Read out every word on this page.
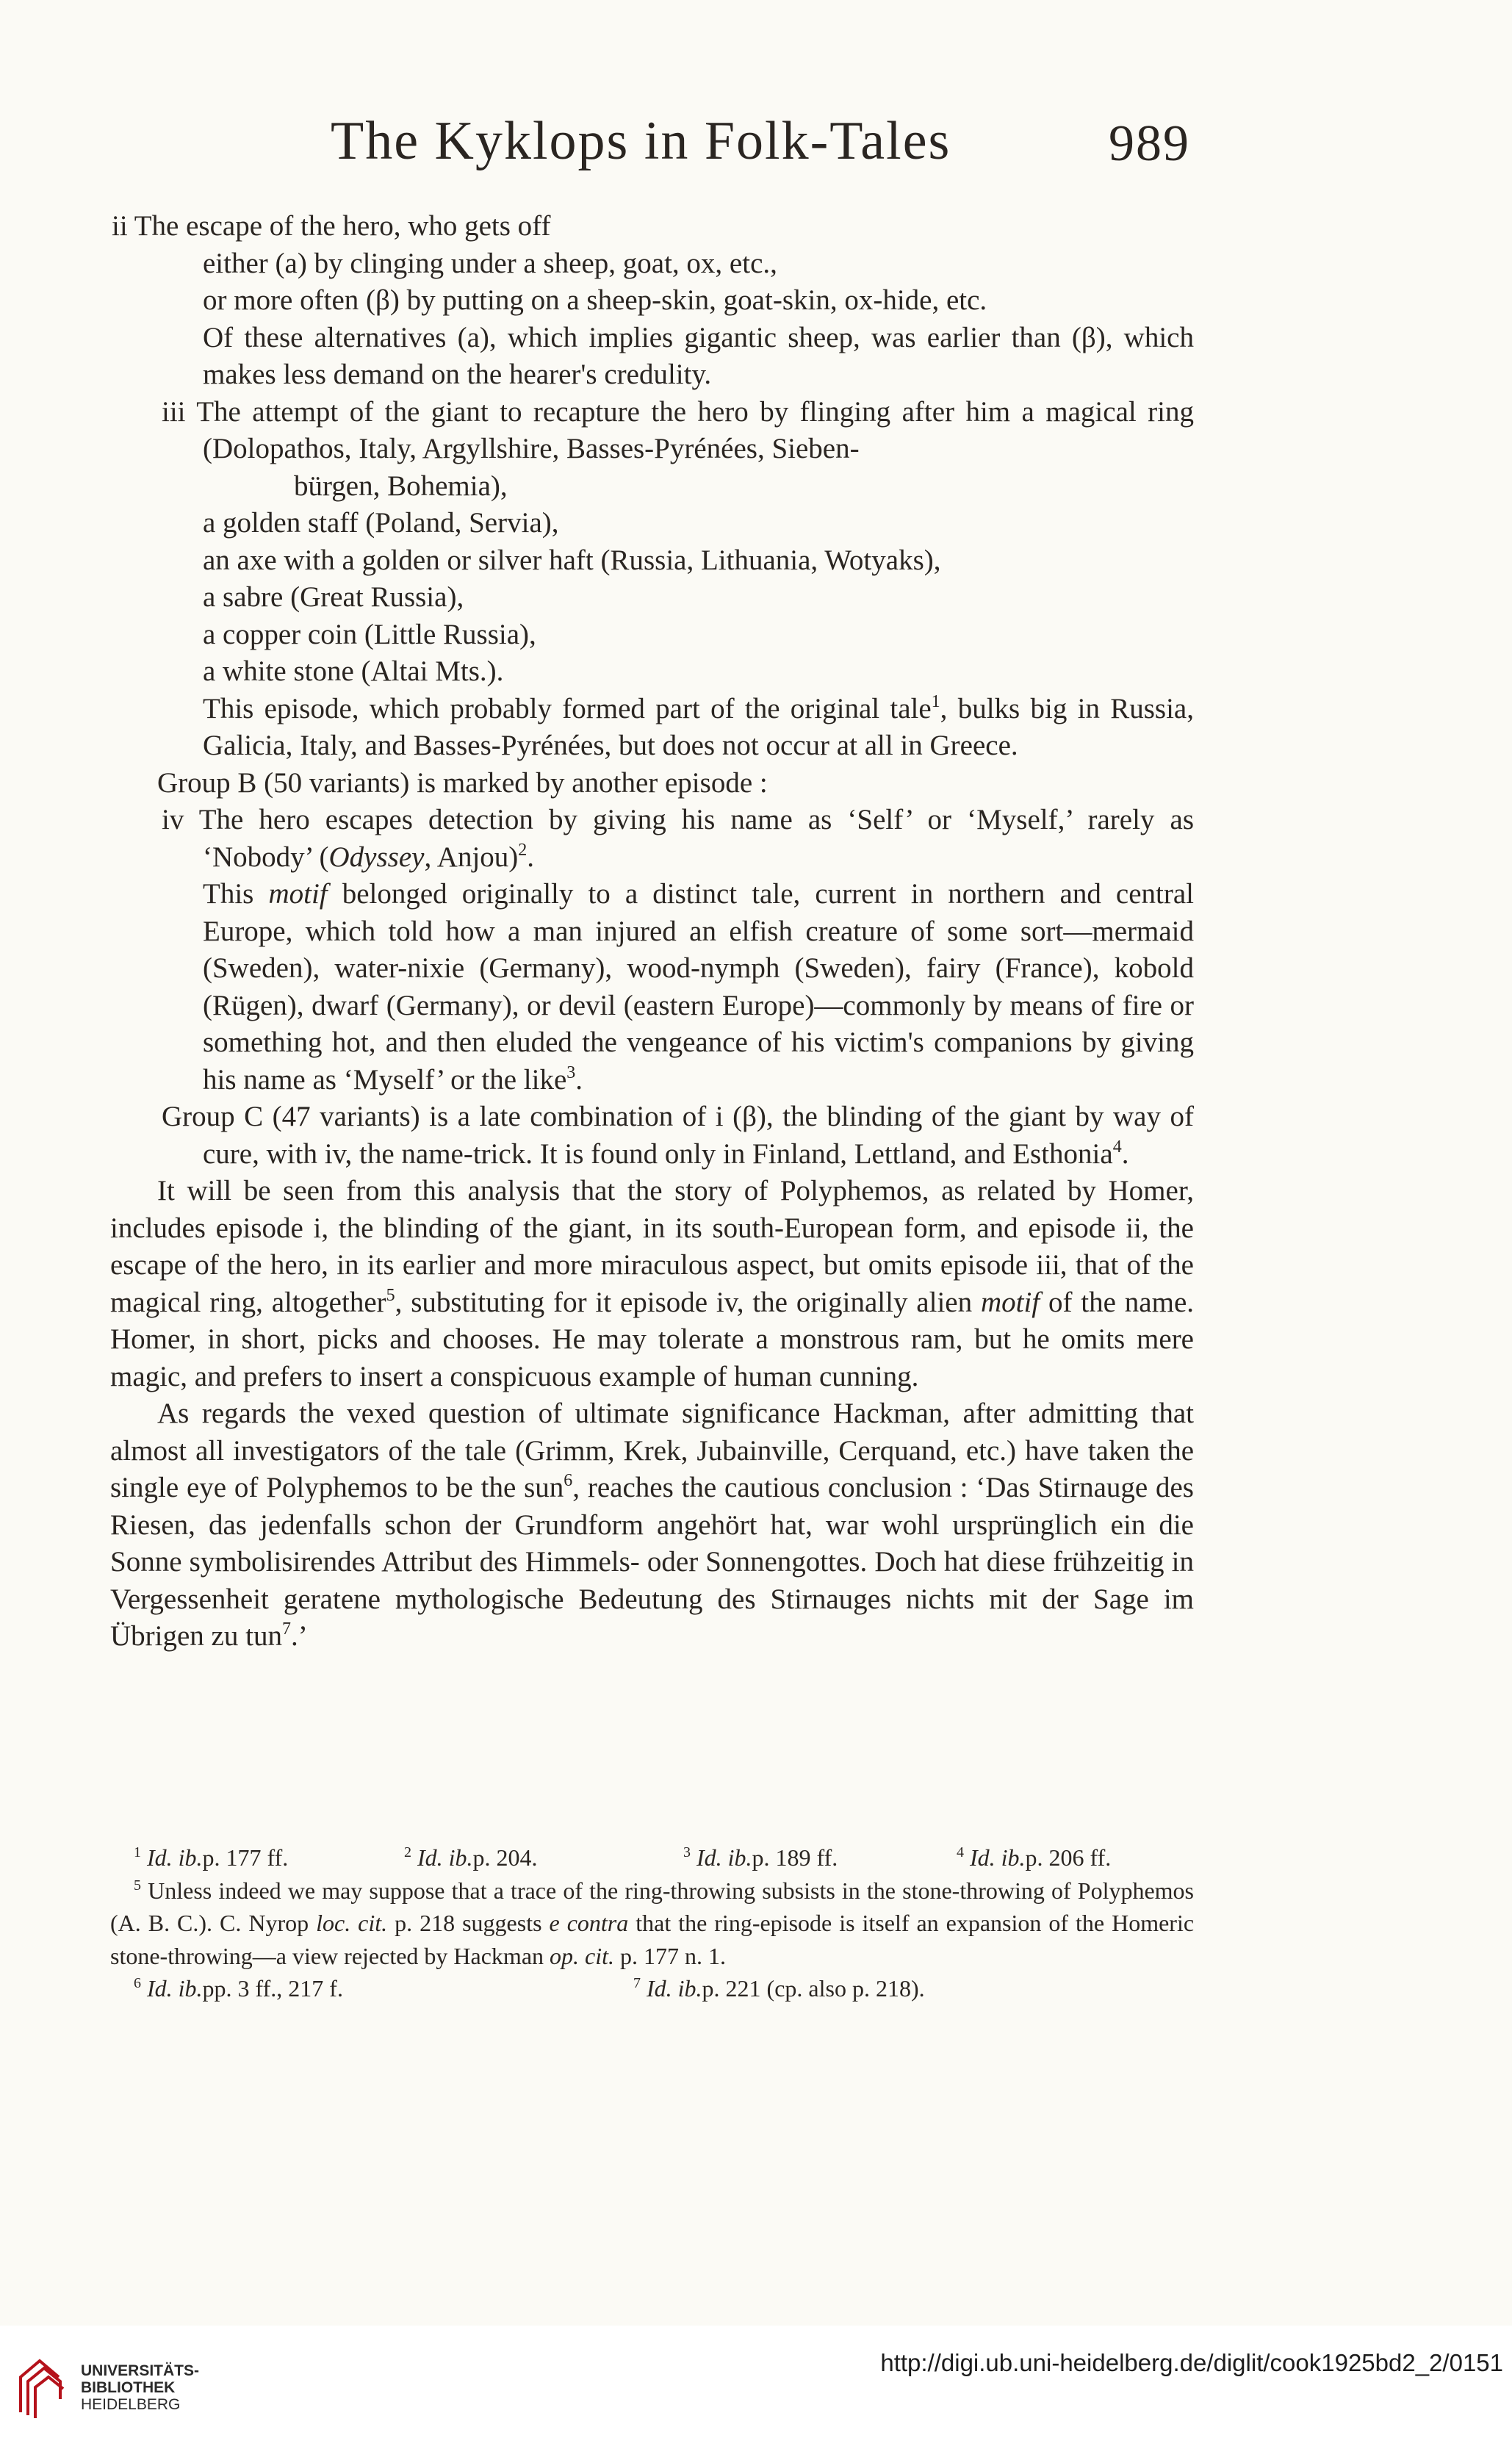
The Kyklops in Folk-Tales	989

ii The escape of the hero, who gets off

either (a) by clinging under a sheep, goat, ox, etc.,

or more often (β) by putting on a sheep-skin, goat-skin, ox-hide, etc.

Of these alternatives (a), which implies gigantic sheep, was earlier than (β), which makes less demand on the hearer's credulity.

iii The attempt of the giant to recapture the hero by flinging after him a magical ring (Dolopathos, Italy, Argyllshire, Basses-Pyrénées, Sieben-

bürgen, Bohemia),

a golden staff (Poland, Servia),

an axe with a golden or silver haft (Russia, Lithuania, Wotyaks),

a sabre (Great Russia),

a copper coin (Little Russia),

a white stone (Altai Mts.).

This episode, which probably formed part of the original tale$^1$, bulks big in Russia, Galicia, Italy, and Basses-Pyrénées, but does not occur at all in Greece.

Group B (50 variants) is marked by another episode :

iv The hero escapes detection by giving his name as ‘Self’ or ‘Myself,’ rarely as ‘Nobody’ (Odyssey, Anjou)$^2$.

This motif belonged originally to a distinct tale, current in northern and central Europe, which told how a man injured an elfish creature of some sort—mermaid (Sweden), water-nixie (Germany), wood-nymph (Sweden), fairy (France), kobold (Rügen), dwarf (Germany), or devil (eastern Europe)—commonly by means of fire or something hot, and then eluded the vengeance of his victim's companions by giving his name as ‘Myself’ or the like$^3$.

Group C (47 variants) is a late combination of i (β), the blinding of the giant by way of cure, with iv, the name-trick. It is found only in Finland, Lettland, and Esthonia$^4$.

It will be seen from this analysis that the story of Polyphemos, as related by Homer, includes episode i, the blinding of the giant, in its south-European form, and episode ii, the escape of the hero, in its earlier and more miraculous aspect, but omits episode iii, that of the magical ring, altogether$^5$, substituting for it episode iv, the originally alien motif of the name. Homer, in short, picks and chooses. He may tolerate a monstrous ram, but he omits mere magic, and prefers to insert a conspicuous example of human cunning.

As regards the vexed question of ultimate significance Hackman, after admitting that almost all investigators of the tale (Grimm, Krek, Jubainville, Cerquand, etc.) have taken the single eye of Polyphemos to be the sun$^6$, reaches the cautious conclusion : ‘Das Stirnauge des Riesen, das jedenfalls schon der Grundform angehört hat, war wohl ursprünglich ein die Sonne symbolisirendes Attribut des Himmels- oder Sonnengottes. Doch hat diese frühzeitig in Vergessenheit geratene mythologische Bedeutung des Stirnauges nichts mit der Sage im Übrigen zu tun$^7$.’

1 Id. ib.p. 177 ff.	2 Id. ib.p. 204.	3 Id. ib.p. 189 ff.	4 Id. ib.p. 206 ff.
$^5$ Unless indeed we may suppose that a trace of the ring-throwing subsists in the stone-throwing of Polyphemos (A. B. C.). C. Nyrop loc. cit. p. 218 suggests e contra that the ring-episode is itself an expansion of the Homeric stone-throwing—a view rejected by Hackman op. cit. p. 177 n. 1.
6 Id. ib.pp. 3 ff., 217 f.	7 Id. ib.p. 221 (cp. also p. 218).
UNIVERSITÄTS-
BIBLIOTHEK
HEIDELBERG
http://digi.ub.uni-heidelberg.de/diglit/cook1925bd2_2/0151
